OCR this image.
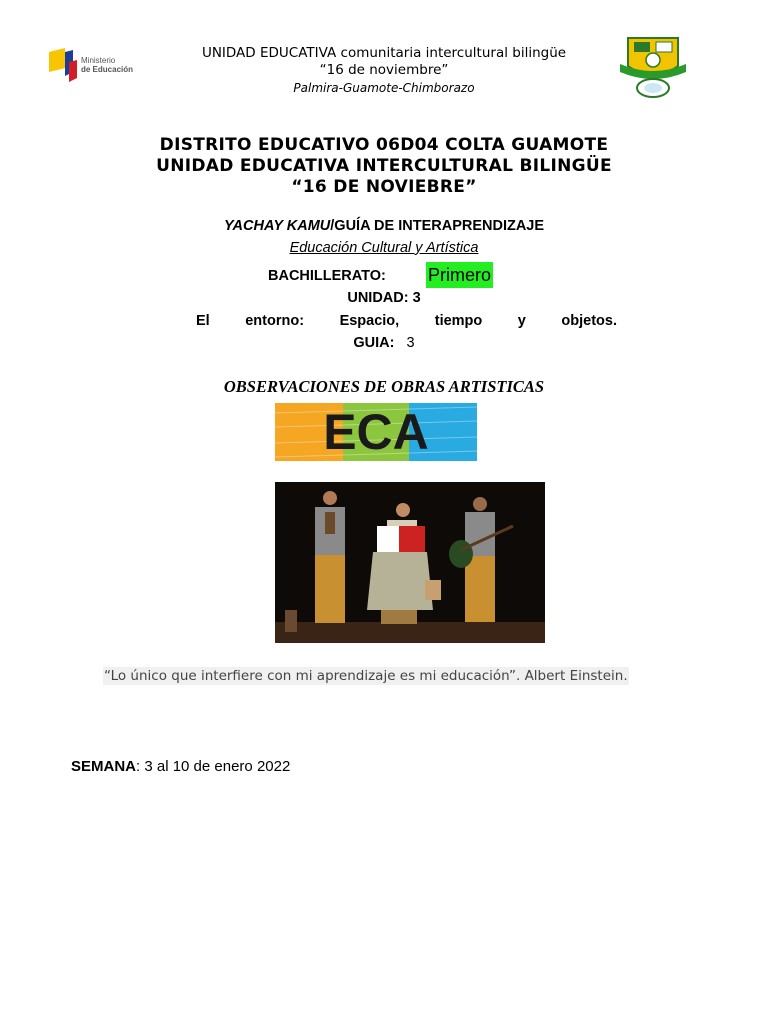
Ministerio
de Educación
UNIDAD EDUCATIVA comunitaria intercultural bilingüe
“16 de noviembre”
Palmira-Guamote-Chimborazo
DISTRITO EDUCATIVO 06D04 COLTA GUAMOTE
UNIDAD EDUCATIVA INTERCULTURAL BILINGÜE
“16 DE NOVIEBRE”
YACHAY KAMU/GUÍA DE INTERAPRENDIZAJE
Educación Cultural y Artística
BACHILLERATO: Primero
UNIDAD: 3
El entorno: Espacio, tiempo y objetos.
GUIA: 3
OBSERVACIONES DE OBRAS ARTISTICAS
ECA
“Lo único que interfiere con mi aprendizaje es mi educación”. Albert Einstein.
SEMANA: 3 al 10 de enero 2022
